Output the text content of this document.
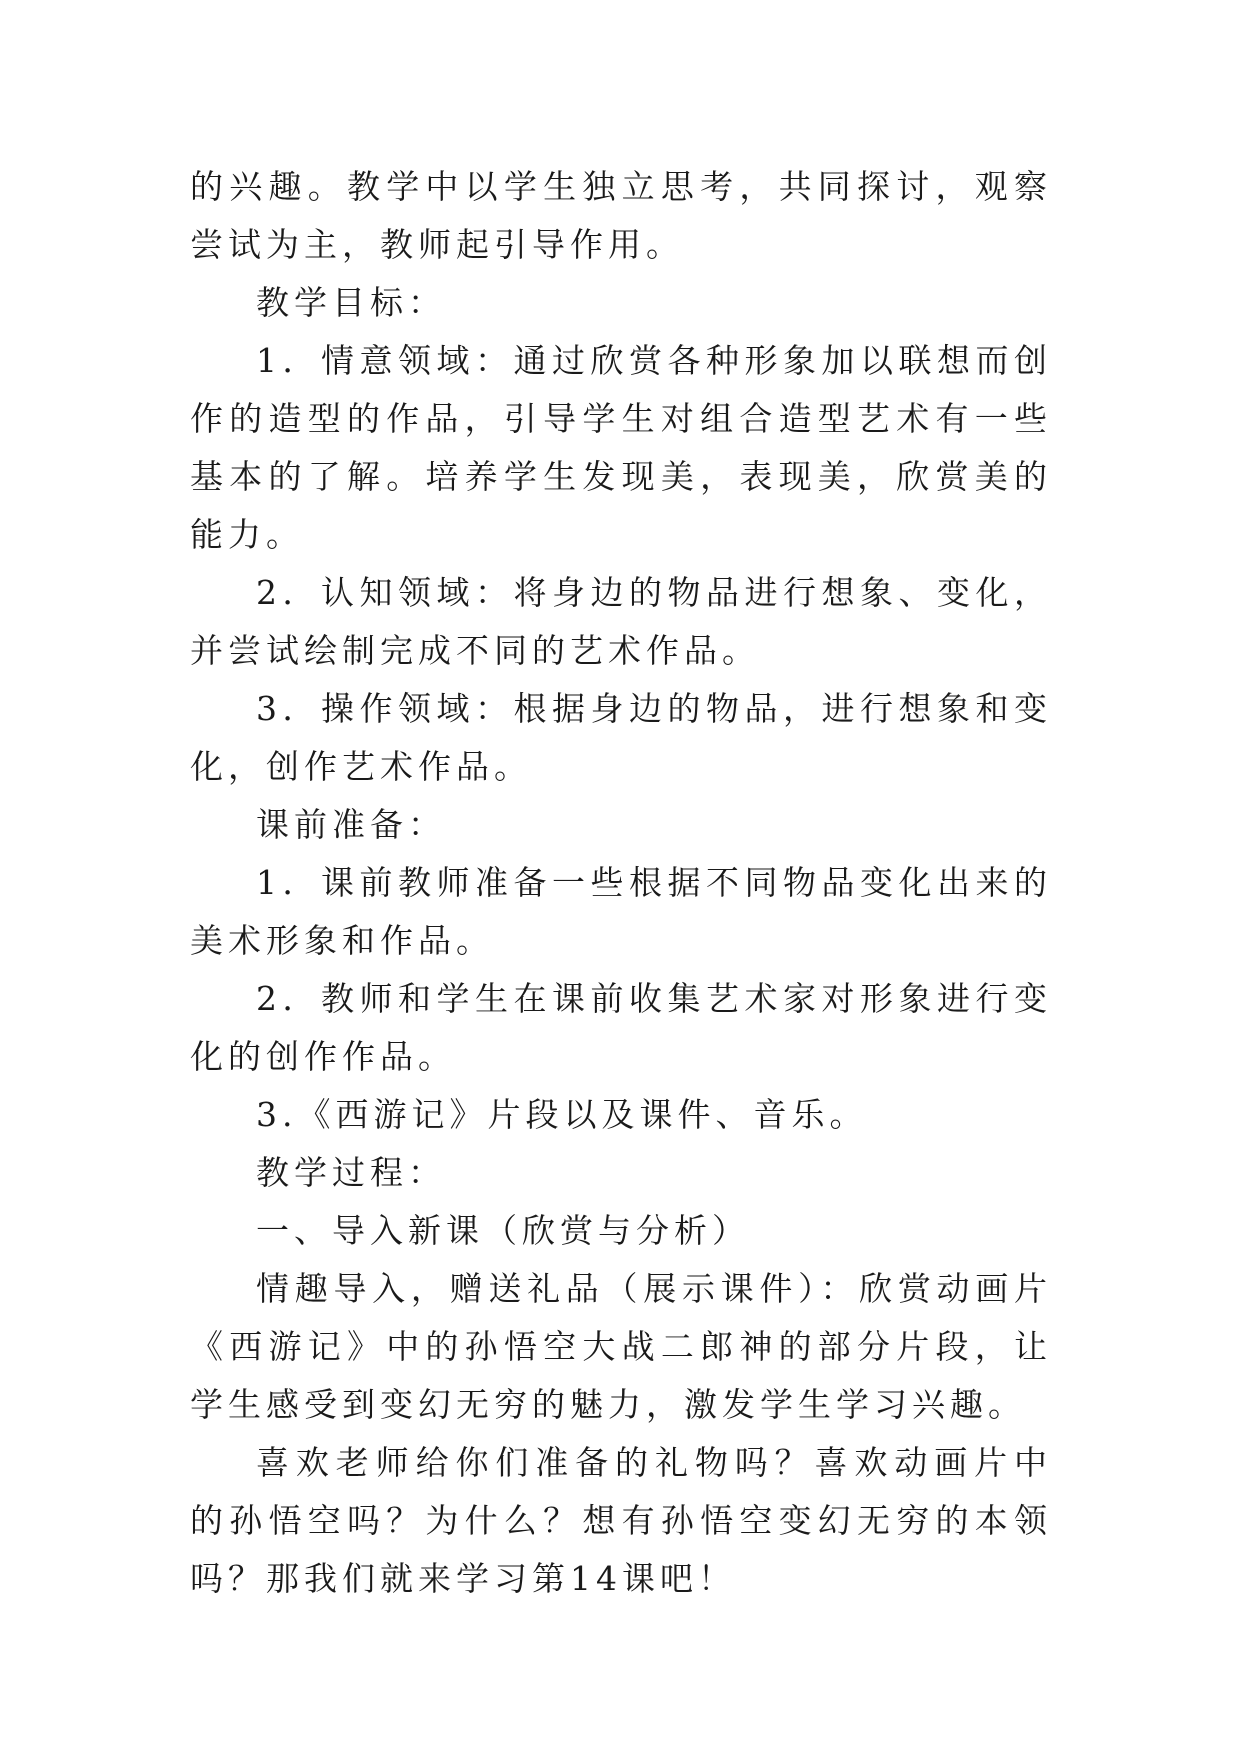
的兴趣。教学中以学生独立思考，共同探讨，观察尝试为主，教师起引导作用。

教学目标：

1．情意领域：通过欣赏各种形象加以联想而创作的造型的作品，引导学生对组合造型艺术有一些基本的了解。培养学生发现美，表现美，欣赏美的能力。

2．认知领域：将身边的物品进行想象、变化，并尝试绘制完成不同的艺术作品。

3．操作领域：根据身边的物品，进行想象和变化，创作艺术作品。

课前准备：

1．课前教师准备一些根据不同物品变化出来的美术形象和作品。

2．教师和学生在课前收集艺术家对形象进行变化的创作作品。

3.《西游记》片段以及课件、音乐。

教学过程：

一、导入新课（欣赏与分析）

情趣导入，赠送礼品（展示课件）：欣赏动画片《西游记》中的孙悟空大战二郎神的部分片段，让学生感受到变幻无穷的魅力，激发学生学习兴趣。

喜欢老师给你们准备的礼物吗？喜欢动画片中的孙悟空吗？为什么？想有孙悟空变幻无穷的本领吗？那我们就来学习第14课吧！
